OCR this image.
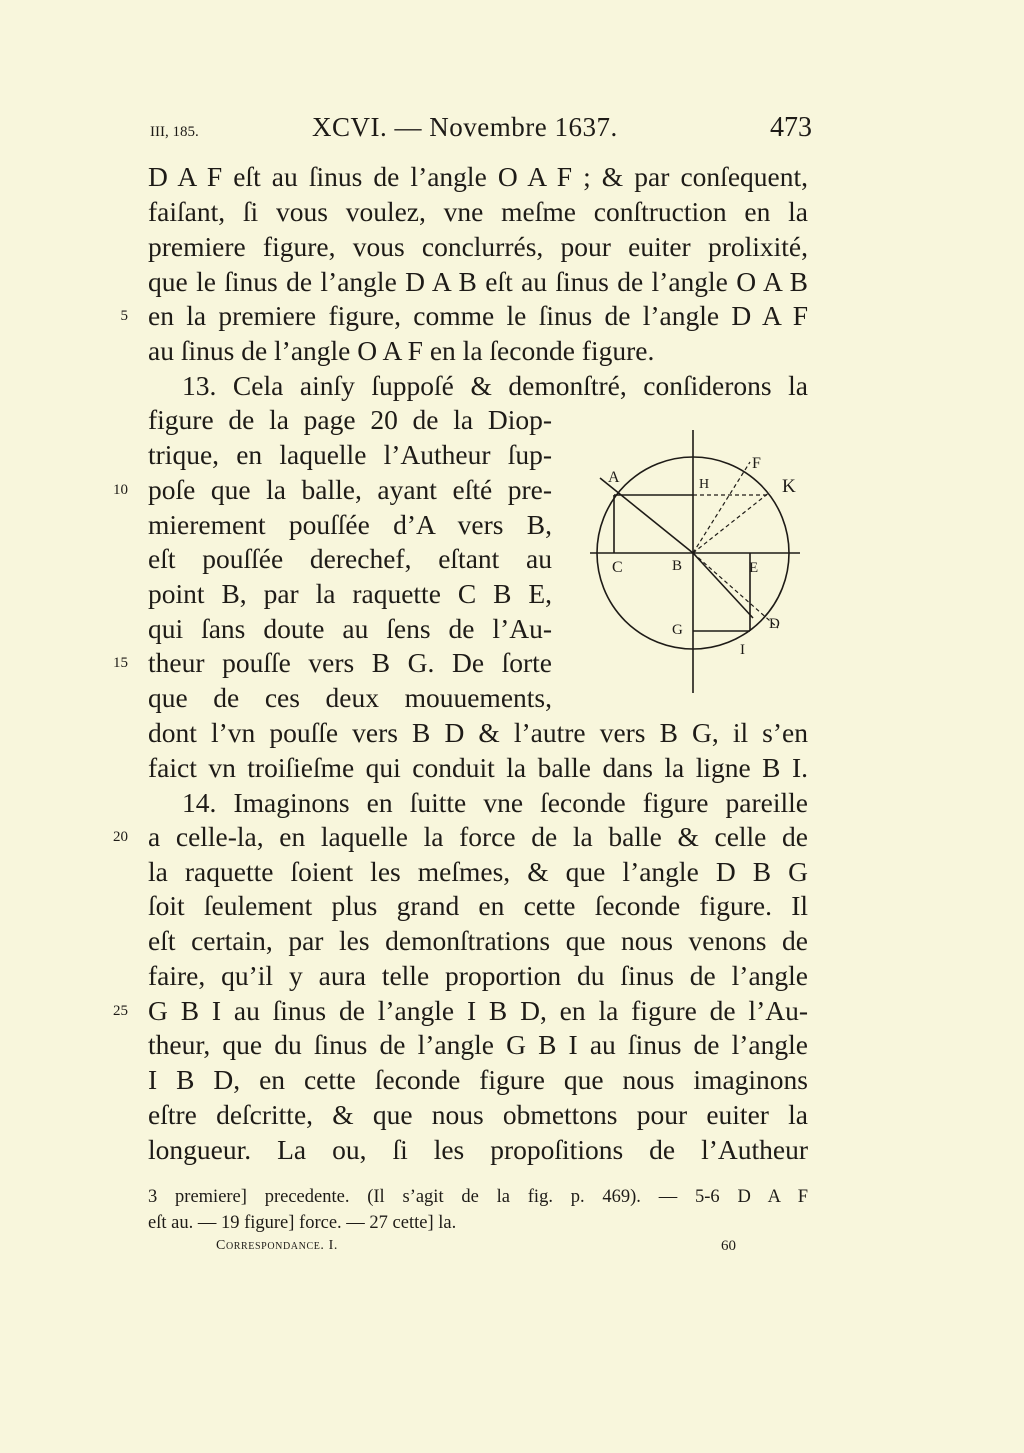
III, 185.	XCVI. — Novembre 1637.	473
D A F eſt au ſinus de l’angle O A F ; & par conſequent,
faiſant, ſi vous voulez, vne meſme conſtruction en la
premiere figure, vous conclurrés, pour euiter prolixité,
que le ſinus de l’angle D A B eſt au ſinus de l’angle O A B
en la premiere figure, comme le ſinus de l’angle D A F
au ſinus de l’angle O A F en la ſeconde figure.
13. Cela ainſy ſuppoſé & demonſtré, conſiderons la
figure de la page 20 de la Diop-
trique, en laquelle l’Autheur ſup-
poſe que la balle, ayant eſté pre-
mierement pouſſée d’A vers B,
eſt pouſſée derechef, eſtant au
point B, par la raquette C B E,
qui ſans doute au ſens de l’Au-
theur pouſſe vers B G. De ſorte
que de ces deux mouuements,
dont l’vn pouſſe vers B D & l’autre vers B G, il s’en
faict vn troiſieſme qui conduit la balle dans la ligne B I.
14. Imaginons en ſuitte vne ſeconde figure pareille
a celle-la, en laquelle la force de la balle & celle de
la raquette ſoient les meſmes, & que l’angle D B G
ſoit ſeulement plus grand en cette ſeconde figure. Il
eſt certain, par les demonſtrations que nous venons de
faire, qu’il y aura telle proportion du ſinus de l’angle
G B I au ſinus de l’angle I B D, en la figure de l’Au-
theur, que du ſinus de l’angle G B I au ſinus de l’angle
I B D, en cette ſeconde figure que nous imaginons
eſtre deſcritte, & que nous obmettons pour euiter la
longueur. La ou, ſi les propoſitions de l’Autheur
5
10
15
20
25
A	H
F
K
C	B	E
G	D
I
3 premiere] precedente. (Il s’agit de la fig. p. 469). — 5-6 D A F
eſt au. — 19 figure] force. — 27 cette] la.
Correspondance. I.	60
